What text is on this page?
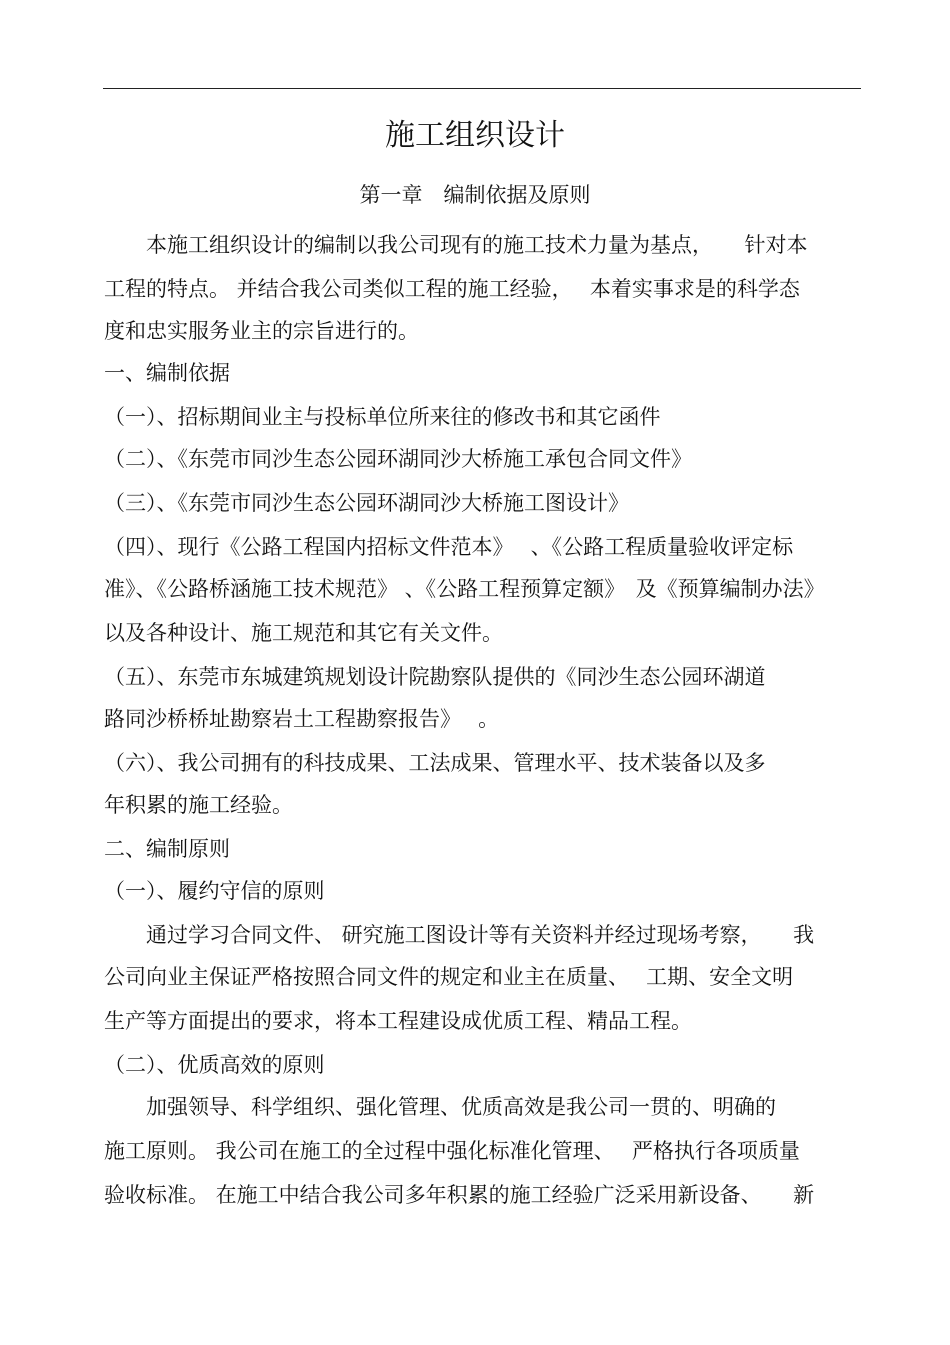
施工组织设计
第一章　编制依据及原则
　　本施工组织设计的编制以我公司现有的施工技术力量为基点，　　针对本
工程的特点。 并结合我公司类似工程的施工经验，　 本着实事求是的科学态
度和忠实服务业主的宗旨进行的。
一、编制依据
（一）、招标期间业主与投标单位所来往的修改书和其它函件
（二）、《东莞市同沙生态公园环湖同沙大桥施工承包合同文件》
（三）、《东莞市同沙生态公园环湖同沙大桥施工图设计》
（四）、现行《公路工程国内招标文件范本》　 、《公路工程质量验收评定标
准》、《公路桥涵施工技术规范》 、《公路工程预算定额》　及《预算编制办法》
以及各种设计、施工规范和其它有关文件。
（五）、东莞市东城建筑规划设计院勘察队提供的《同沙生态公园环湖道
路同沙桥桥址勘察岩土工程勘察报告》　 。
（六）、我公司拥有的科技成果、工法成果、管理水平、技术装备以及多
年积累的施工经验。
二、编制原则
（一）、履约守信的原则
　　通过学习合同文件、 研究施工图设计等有关资料并经过现场考察，　　我
公司向业主保证严格按照合同文件的规定和业主在质量、　 工期、安全文明
生产等方面提出的要求，将本工程建设成优质工程、精品工程。
（二）、优质高效的原则
　　加强领导、科学组织、强化管理、优质高效是我公司一贯的、明确的
施工原则。 我公司在施工的全过程中强化标准化管理、　 严格执行各项质量
验收标准。 在施工中结合我公司多年积累的施工经验广泛采用新设备、　　新
